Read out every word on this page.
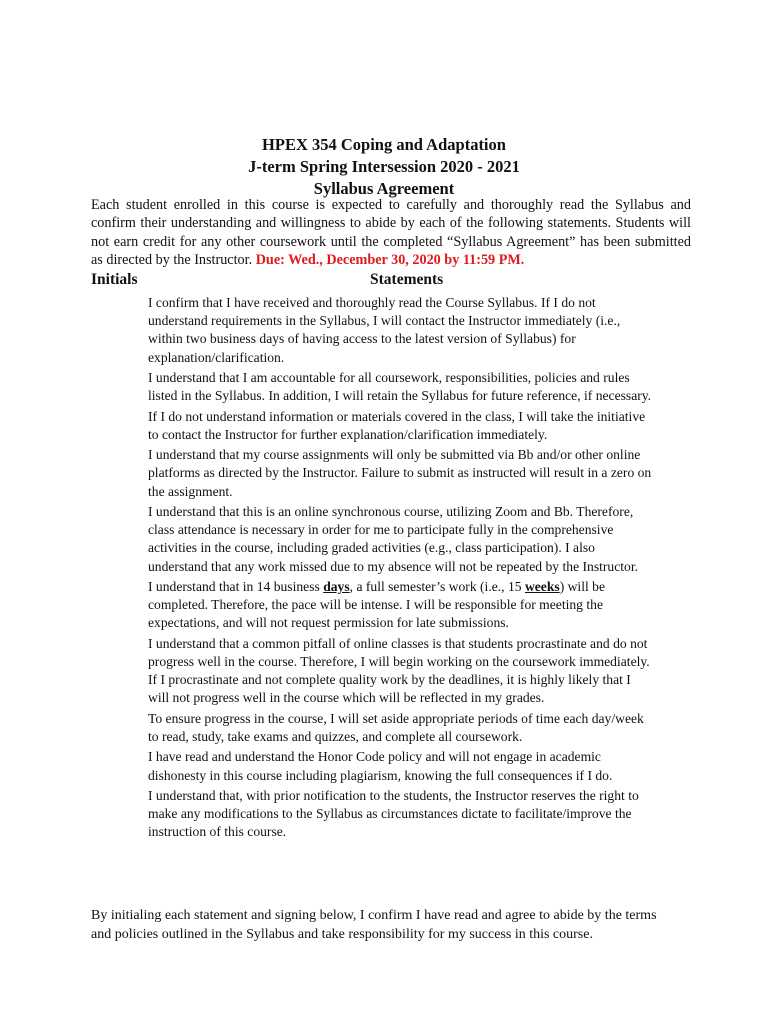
HPEX 354 Coping and Adaptation
J-term Spring Intersession 2020 - 2021
Syllabus Agreement
Each student enrolled in this course is expected to carefully and thoroughly read the Syllabus and confirm their understanding and willingness to abide by each of the following statements. Students will not earn credit for any other coursework until the completed “Syllabus Agreement” has been submitted as directed by the Instructor. Due: Wed., December 30, 2020 by 11:59 PM.
Initials	Statements

I confirm that I have received and thoroughly read the Course Syllabus. If I do not understand requirements in the Syllabus, I will contact the Instructor immediately (i.e., within two business days of having access to the latest version of Syllabus) for explanation/clarification.

I understand that I am accountable for all coursework, responsibilities, policies and rules listed in the Syllabus. In addition, I will retain the Syllabus for future reference, if necessary.

If I do not understand information or materials covered in the class, I will take the initiative to contact the Instructor for further explanation/clarification immediately.

I understand that my course assignments will only be submitted via Bb and/or other online platforms as directed by the Instructor. Failure to submit as instructed will result in a zero on the assignment.

I understand that this is an online synchronous course, utilizing Zoom and Bb. Therefore, class attendance is necessary in order for me to participate fully in the comprehensive activities in the course, including graded activities (e.g., class participation). I also understand that any work missed due to my absence will not be repeated by the Instructor.

I understand that in 14 business days, a full semester’s work (i.e., 15 weeks) will be completed. Therefore, the pace will be intense. I will be responsible for meeting the expectations, and will not request permission for late submissions.

I understand that a common pitfall of online classes is that students procrastinate and do not progress well in the course. Therefore, I will begin working on the coursework immediately. If I procrastinate and not complete quality work by the deadlines, it is highly likely that I will not progress well in the course which will be reflected in my grades.

To ensure progress in the course, I will set aside appropriate periods of time each day/week to read, study, take exams and quizzes, and complete all coursework.

I have read and understand the Honor Code policy and will not engage in academic dishonesty in this course including plagiarism, knowing the full consequences if I do.

I understand that, with prior notification to the students, the Instructor reserves the right to make any modifications to the Syllabus as circumstances dictate to facilitate/improve the instruction of this course.

By initialing each statement and signing below, I confirm I have read and agree to abide by the terms and policies outlined in the Syllabus and take responsibility for my success in this course.
